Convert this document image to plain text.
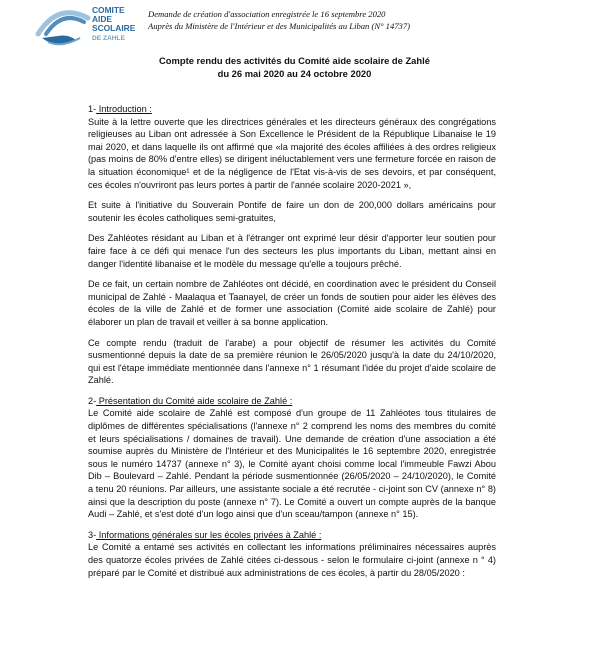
COMITE
AIDE
SCOLAIRE
DE ZAHLE
Demande de création d'association enregistrée le 16 septembre 2020
Auprès du Ministère de l'Intérieur et des Municipalités au Liban (N° 14737)
Compte rendu des activités du Comité aide scolaire de Zahlé
du 26 mai 2020 au 24 octobre 2020
1- Introduction :

Suite à la lettre ouverte que les directrices générales et les directeurs généraux des congrégations religieuses au Liban ont adressée à Son Excellence le Président de la République Libanaise le 19 mai 2020, et dans laquelle ils ont affirmé que «la majorité des écoles affiliées à des ordres religieux (pas moins de 80% d'entre elles) se dirigent inéluctablement vers une fermeture forcée en raison de la situation économique¹ et de la négligence de l'Etat vis-à-vis de ses devoirs, et par conséquent, ces écoles n'ouvriront pas leurs portes à partir de l'année scolaire 2020-2021 »,

Et suite à l'initiative du Souverain Pontife de faire un don de 200,000 dollars américains pour soutenir les écoles catholiques semi-gratuites,

Des Zahléotes résidant au Liban et à l'étranger ont exprimé leur désir d'apporter leur soutien pour faire face à ce défi qui menace l'un des secteurs les plus importants du Liban, mettant ainsi en danger l'identité libanaise et le modèle du message qu'elle a toujours prêché.

De ce fait, un certain nombre de Zahléotes ont décidé, en coordination avec le président du Conseil municipal de Zahlé - Maalaqua et Taanayel, de créer un fonds de soutien pour aider les élèves des écoles de la ville de Zahlé et de former une association (Comité aide scolaire de Zahlé) pour élaborer un plan de travail et veiller à sa bonne application.

Ce compte rendu (traduit de l'arabe) a pour objectif de résumer les activités du Comité susmentionné depuis la date de sa première réunion le 26/05/2020 jusqu'à la date du 24/10/2020, qui est l'étape immédiate mentionnée dans l'annexe n° 1 résumant l'idée du projet d'aide scolaire de Zahlé.

2- Présentation du Comité aide scolaire de Zahlé :

Le Comité aide scolaire de Zahlé est composé d'un groupe de 11 Zahléotes tous titulaires de diplômes de différentes spécialisations (l'annexe n° 2 comprend les noms des membres du comité et leurs spécialisations / domaines de travail). Une demande de création d'une association a été soumise auprès du Ministère de l'Intérieur et des Municipalités le 16 septembre 2020, enregistrée sous le numéro 14737 (annexe n° 3), le Comité ayant choisi comme local l'immeuble Fawzi Abou Dib – Boulevard – Zahlé. Pendant la période susmentionnée (26/05/2020 – 24/10/2020), le Comité a tenu 20 réunions. Par ailleurs, une assistante sociale a été recrutée - ci-joint son CV (annexe n° 8) ainsi que la description du poste (annexe n° 7). Le Comité a ouvert un compte auprès de la banque Audi – Zahlé, et s'est doté d'un logo ainsi que d'un sceau/tampon (annexe n° 15).

3- Informations générales sur les écoles privées à Zahlé :

Le Comité a entamé ses activités en collectant les informations préliminaires nécessaires auprès des quatorze écoles privées de Zahlé citées ci-dessous - selon le formulaire ci-joint (annexe n ° 4) préparé par le Comité et distribué aux administrations de ces écoles, à partir du 28/05/2020 :
